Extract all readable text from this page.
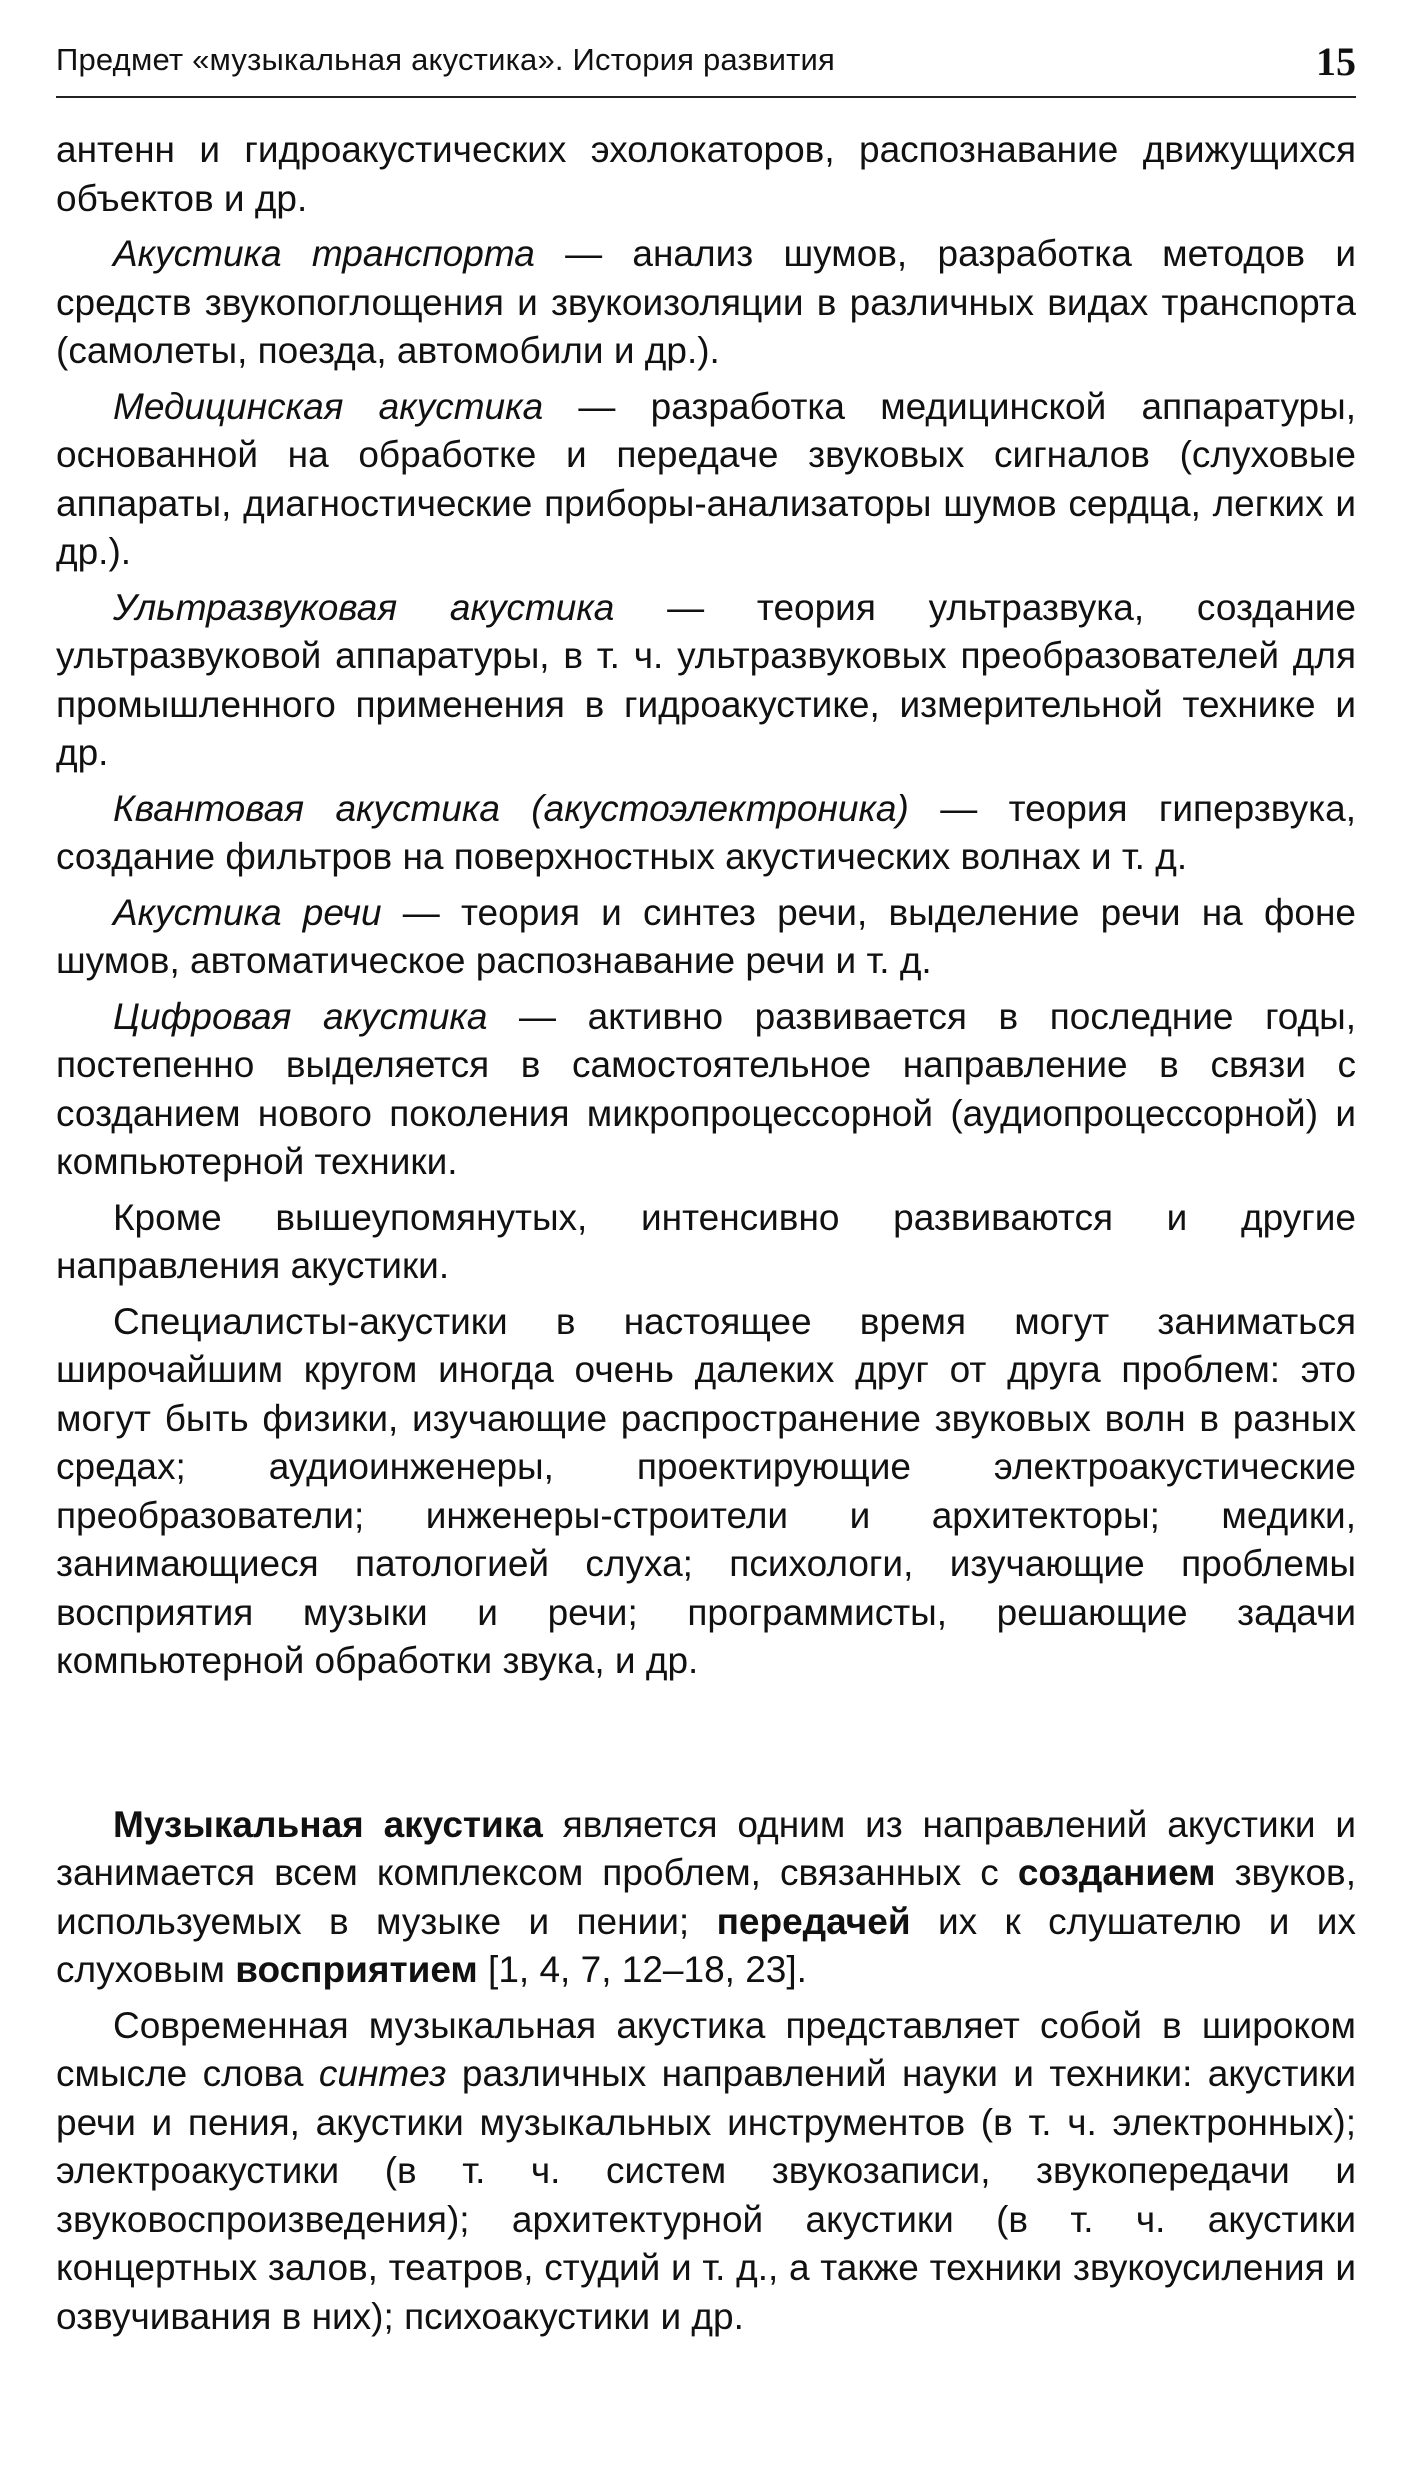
Предмет «музыкальная акустика». История развития	15

антенн и гидроакустических эхолокаторов, распознавание движущихся объектов и др.

Акустика транспорта — анализ шумов, разработка методов и средств звукопоглощения и звукоизоляции в различных видах транспорта (самолеты, поезда, автомобили и др.).

Медицинская акустика — разработка медицинской аппаратуры, основанной на обработке и передаче звуковых сигналов (слуховые аппараты, диагностические приборы-анализаторы шумов сердца, легких и др.).

Ультразвуковая акустика — теория ультразвука, создание ультразвуковой аппаратуры, в т. ч. ультразвуковых преобразователей для промышленного применения в гидроакустике, измерительной технике и др.

Квантовая акустика (акустоэлектроника) — теория гиперзвука, создание фильтров на поверхностных акустических волнах и т. д.

Акустика речи — теория и синтез речи, выделение речи на фоне шумов, автоматическое распознавание речи и т. д.

Цифровая акустика — активно развивается в последние годы, постепенно выделяется в самостоятельное направление в связи с созданием нового поколения микропроцессорной (аудиопроцессорной) и компьютерной техники.

Кроме вышеупомянутых, интенсивно развиваются и другие направления акустики.

Специалисты-акустики в настоящее время могут заниматься широчайшим кругом иногда очень далеких друг от друга проблем: это могут быть физики, изучающие распространение звуковых волн в разных средах; аудиоинженеры, проектирующие электроакустические преобразователи; инженеры-строители и архитекторы; медики, занимающиеся патологией слуха; психологи, изучающие проблемы восприятия музыки и речи; программисты, решающие задачи компьютерной обработки звука, и др.

Музыкальная акустика является одним из направлений акустики и занимается всем комплексом проблем, связанных с созданием звуков, используемых в музыке и пении; передачей их к слушателю и их слуховым восприятием [1, 4, 7, 12–18, 23].

Современная музыкальная акустика представляет собой в широком смысле слова синтез различных направлений науки и техники: акустики речи и пения, акустики музыкальных инструментов (в т. ч. электронных); электроакустики (в т. ч. систем звукозаписи, звукопередачи и звуковоспроизведения); архитектурной акустики (в т. ч. акустики концертных залов, театров, студий и т. д., а также техники звукоусиления и озвучивания в них); психоакустики и др.
